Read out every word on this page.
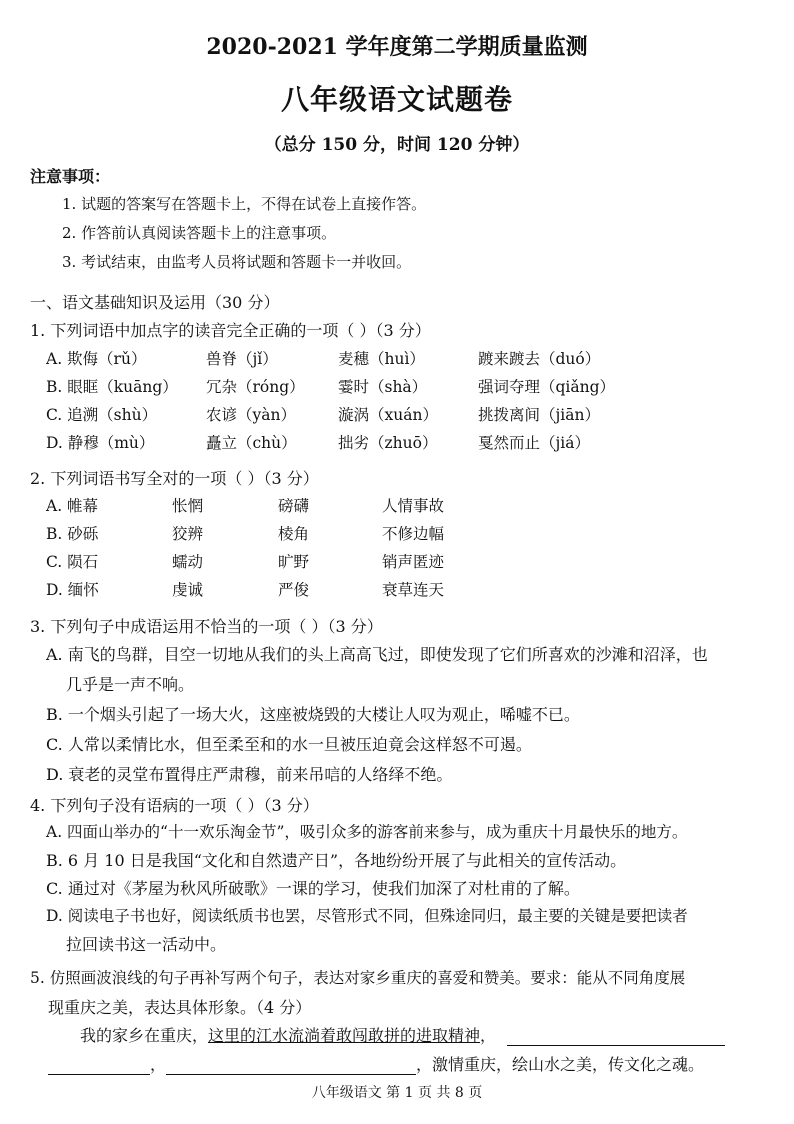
2020-2021 学年度第二学期质量监测
八年级语文试题卷
（总分 150 分，时间 120 分钟）
注意事项：
1. 试题的答案写在答题卡上，不得在试卷上直接作答。
2. 作答前认真阅读答题卡上的注意事项。
3. 考试结束，由监考人员将试题和答题卡一并收回。
一、语文基础知识及运用（30 分）
1. 下列词语中加点字的读音完全正确的一项（ ）（3 分）
A. 欺侮（rǔ）	兽脊（jǐ）	麦穗（huì）	踱来踱去（duó）
B. 眼眶（kuāng） 冗杂（róng） 霎时（shà）	强词夺理（qiǎng）
C. 追溯（shù）	农谚（yàn）	漩涡（xuán）	挑拨离间（jiān）
D. 静穆（mù）	矗立（chù）	拙劣（zhuō）	戛然而止（jiá）
2. 下列词语书写全对的一项（ ）（3 分）
A. 帷幕	怅惘	磅礴	人情事故
B. 砂砾	狡辨	棱角	不修边幅
C. 陨石	蠕动	旷野	销声匿迹
D. 缅怀	虔诚	严俊	衰草连天
3. 下列句子中成语运用不恰当的一项（ ）（3 分）
A. 南飞的鸟群，目空一切地从我们的头上高高飞过，即使发现了它们所喜欢的沙滩和沼泽，也
几乎是一声不响。
B. 一个烟头引起了一场大火，这座被烧毁的大楼让人叹为观止，唏嘘不已。
C. 人常以柔情比水，但至柔至和的水一旦被压迫竟会这样怒不可遏。
D. 衰老的灵堂布置得庄严肃穆，前来吊唁的人络绎不绝。
4. 下列句子没有语病的一项（ ）（3 分）
A. 四面山举办的“十一欢乐淘金节”，吸引众多的游客前来参与，成为重庆十月最快乐的地方。
B. 6 月 10 日是我国“文化和自然遗产日”，各地纷纷开展了与此相关的宣传活动。
C. 通过对《茅屋为秋风所破歌》一课的学习，使我们加深了对杜甫的了解。
D. 阅读电子书也好，阅读纸质书也罢，尽管形式不同，但殊途同归，最主要的关键是要把读者
拉回读书这一活动中。
5. 仿照画波浪线的句子再补写两个句子，表达对家乡重庆的喜爱和赞美。要求：能从不同角度展
现重庆之美，表达具体形象。（4 分）
我的家乡在重庆，这里的江水流淌着敢闯敢拼的进取精神，
，	，激情重庆，绘山水之美，传文化之魂。
八年级语文 第 1 页 共 8 页
